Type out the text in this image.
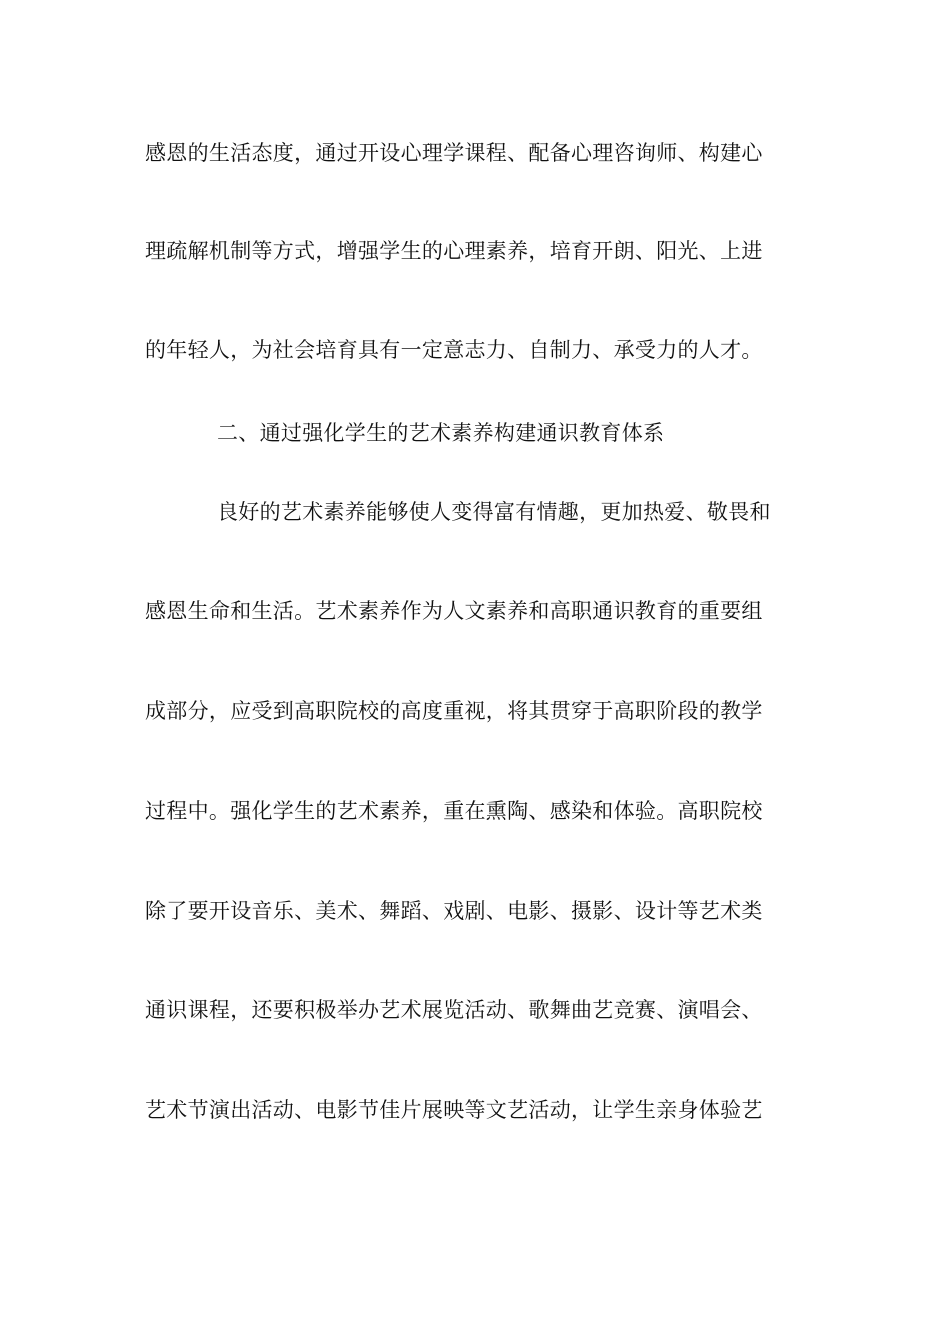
感恩的生活态度，通过开设心理学课程、配备心理咨询师、构建心
理疏解机制等方式，增强学生的心理素养，培育开朗、阳光、上进
的年轻人，为社会培育具有一定意志力、自制力、承受力的人才。
二、通过强化学生的艺术素养构建通识教育体系
良好的艺术素养能够使人变得富有情趣，更加热爱、敬畏和
感恩生命和生活。艺术素养作为人文素养和高职通识教育的重要组
成部分，应受到高职院校的高度重视，将其贯穿于高职阶段的教学
过程中。强化学生的艺术素养，重在熏陶、感染和体验。高职院校
除了要开设音乐、美术、舞蹈、戏剧、电影、摄影、设计等艺术类
通识课程，还要积极举办艺术展览活动、歌舞曲艺竞赛、演唱会、
艺术节演出活动、电影节佳片展映等文艺活动，让学生亲身体验艺
